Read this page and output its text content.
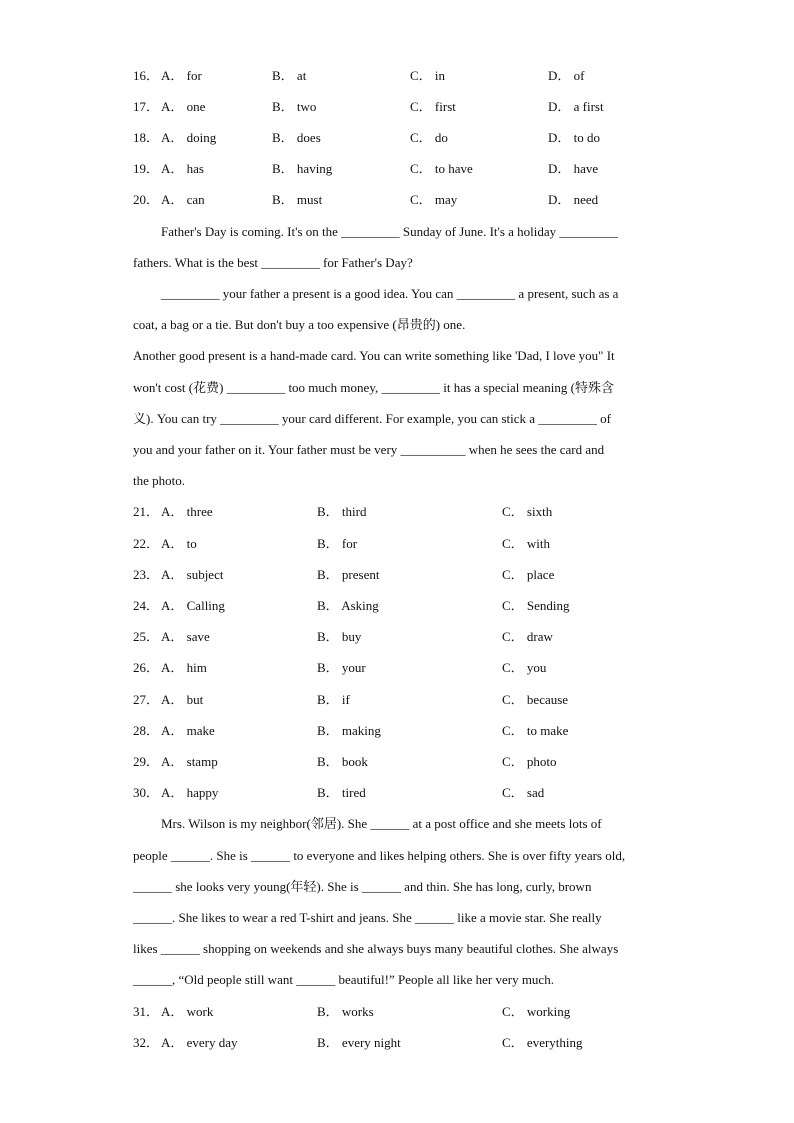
16． A． for	B． at	C． in	D． of
17． A． one	B． two	C． first	D． a first
18． A． doing	B． does	C． do	D． to do
19． A． has	B． having	C． to have	D． have
20． A． can	B． must	C． may	D． need
Father's Day is coming. It's on the _________ Sunday of June. It's a holiday _________
fathers. What is the best _________ for Father's Day?
_________ your father a present is a good idea. You can _________ a present, such as a
coat, a bag or a tie. But don't buy a too expensive (昂贵的) one.
Another good present is a hand-made card. You can write something like 'Dad, I love you" It
won't cost (花费) _________ too much money, _________ it has a special meaning (特殊含
义). You can try _________ your card different. For example, you can stick a _________ of
you and your father on it. Your father must be very __________ when he sees the card and
the photo.
21． A． three	B． third	C． sixth
22． A． to	B． for	C． with
23． A． subject	B． present	C． place
24． A． Calling	B． Asking	C． Sending
25． A． save	B． buy	C． draw
26． A． him	B． your	C． you
27． A． but	B． if	C． because
28． A． make	B． making	C． to make
29． A． stamp	B． book	C． photo
30． A． happy	B． tired	C． sad
Mrs. Wilson is my neighbor(邻居). She ______ at a post office and she meets lots of
people ______. She is ______ to everyone and likes helping others. She is over fifty years old,
______ she looks very young(年轻). She is ______ and thin. She has long, curly, brown
______. She likes to wear a red T-shirt and jeans. She ______ like a movie star. She really
likes ______ shopping on weekends and she always buys many beautiful clothes. She always
______, “Old people still want ______ beautiful!” People all like her very much.
31． A． work	B． works	C． working
32． A． every day	B． every night	C． everything
